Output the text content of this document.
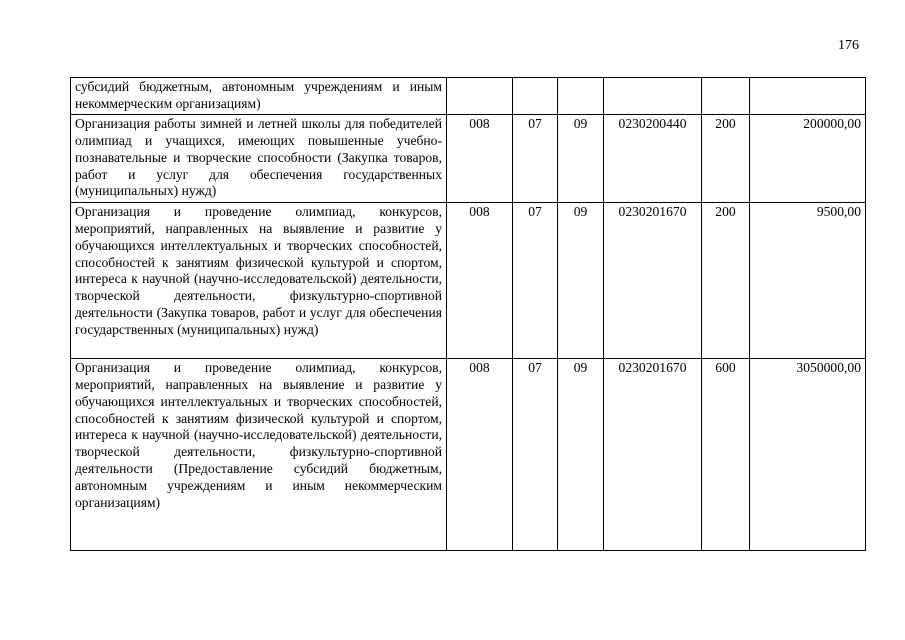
176
субсидий бюджетным, автономным учреждениям и иным некоммерческим организациям)						
Организация работы зимней и летней школы для победителей олимпиад и учащихся, имеющих повышенные учебно-познавательные и творческие способности (Закупка товаров, работ и услуг для обеспечения государственных (муниципальных) нужд)	008	07	09	0230200440	200	200000,00
Организация и проведение олимпиад, конкурсов, мероприятий, направленных на выявление и развитие у обучающихся интеллектуальных и творческих способностей, способностей к занятиям физической культурой и спортом, интереса к научной (научно-исследовательской) деятельности, творческой деятельности, физкультурно-спортивной деятельности (Закупка товаров, работ и услуг для обеспечения государственных (муниципальных) нужд)	008	07	09	0230201670	200	9500,00
Организация и проведение олимпиад, конкурсов, мероприятий, направленных на выявление и развитие у обучающихся интеллектуальных и творческих способностей, способностей к занятиям физической культурой и спортом, интереса к научной (научно-исследовательской) деятельности, творческой деятельности, физкультурно-спортивной деятельности (Предоставление субсидий бюджетным, автономным учреждениям и иным некоммерческим организациям)	008	07	09	0230201670	600	3050000,00
